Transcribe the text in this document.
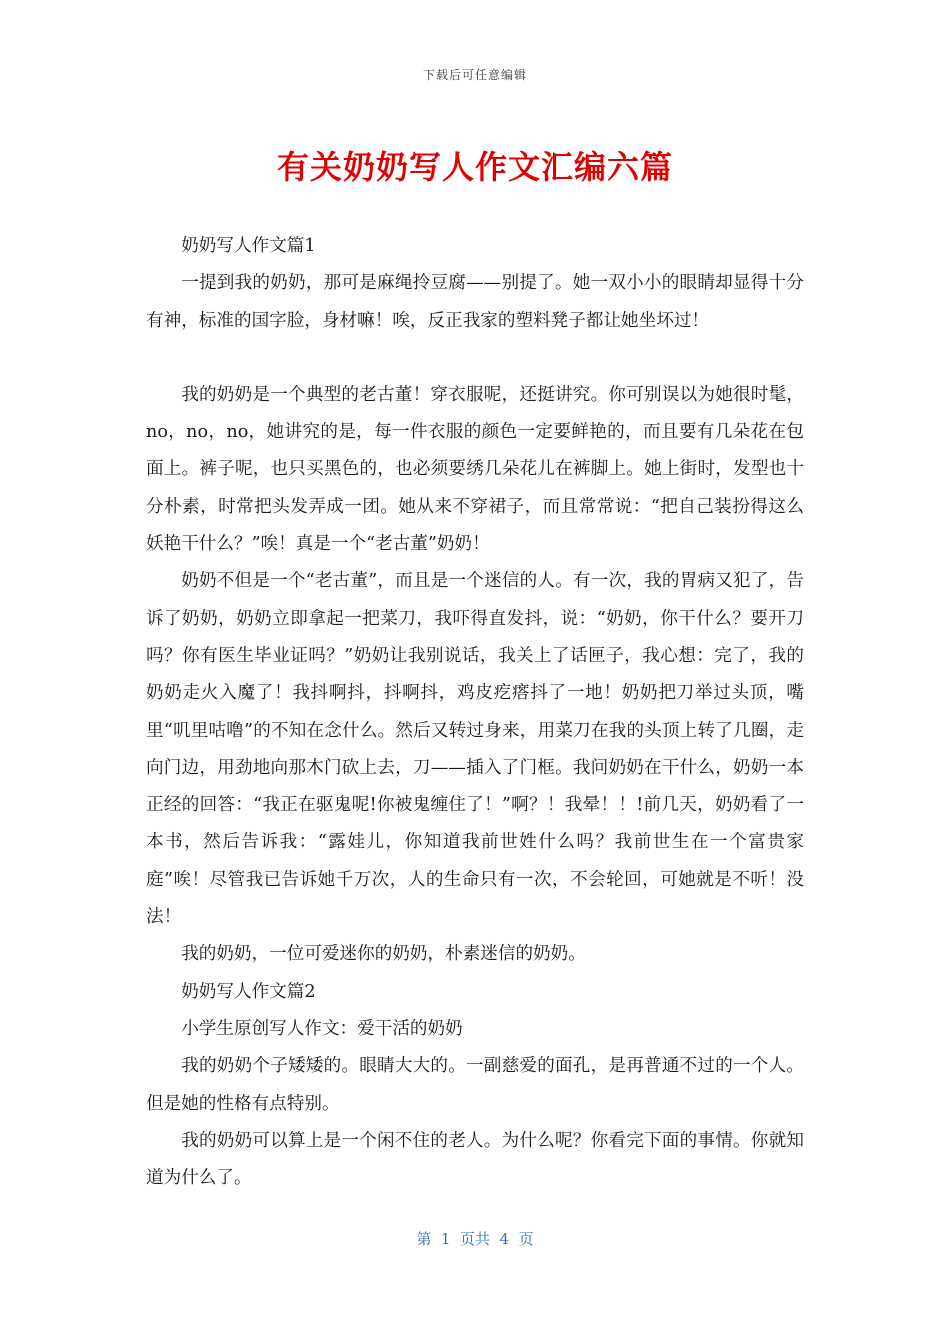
下载后可任意编辑
有关奶奶写人作文汇编六篇

奶奶写人作文篇1

一提到我的奶奶，那可是麻绳拎豆腐——别提了。她一双小小的眼睛却显得十分有神，标准的国字脸，身材嘛！唉，反正我家的塑料凳子都让她坐坏过！

我的奶奶是一个典型的老古董！穿衣服呢，还挺讲究。你可别误以为她很时髦，no，no，no，她讲究的是，每一件衣服的颜色一定要鲜艳的，而且要有几朵花在包面上。裤子呢，也只买黑色的，也必须要绣几朵花儿在裤脚上。她上街时，发型也十分朴素，时常把头发弄成一团。她从来不穿裙子，而且常常说：“把自己装扮得这么妖艳干什么？”唉！真是一个“老古董”奶奶！

奶奶不但是一个“老古董”，而且是一个迷信的人。有一次，我的胃病又犯了，告诉了奶奶，奶奶立即拿起一把菜刀，我吓得直发抖，说：“奶奶，你干什么？要开刀吗？你有医生毕业证吗？”奶奶让我别说话，我关上了话匣子，我心想：完了，我的奶奶走火入魔了！我抖啊抖，抖啊抖，鸡皮疙瘩抖了一地！奶奶把刀举过头顶，嘴里“叽里咕噜”的不知在念什么。然后又转过身来，用菜刀在我的头顶上转了几圈，走向门边，用劲地向那木门砍上去，刀——插入了门框。我问奶奶在干什么，奶奶一本正经的回答：“我正在驱鬼呢!你被鬼缠住了！”啊？！我晕！！!前几天，奶奶看了一本书，然后告诉我：“露娃儿，你知道我前世姓什么吗？我前世生在一个富贵家庭”唉！尽管我已告诉她千万次，人的生命只有一次，不会轮回，可她就是不听！没法！

我的奶奶，一位可爱迷你的奶奶，朴素迷信的奶奶。

奶奶写人作文篇2

小学生原创写人作文：爱干活的奶奶

我的奶奶个子矮矮的。眼睛大大的。一副慈爱的面孔，是再普通不过的一个人。但是她的性格有点特别。

我的奶奶可以算上是一个闲不住的老人。为什么呢？你看完下面的事情。你就知道为什么了。

第  1  页共  4  页
